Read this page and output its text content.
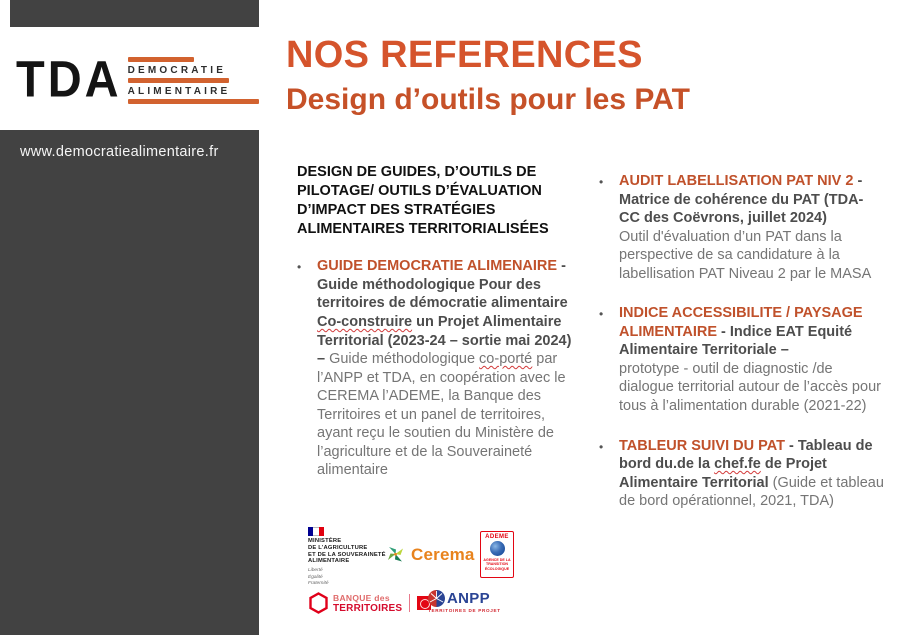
TDA DEMOCRATIE
ALIMENTAIRE
www.democratiealimentaire.fr
NOS REFERENCES
Design d’outils pour les PAT
DESIGN DE GUIDES, D’OUTILS DE PILOTAGE/ OUTILS D’ÉVALUATION D’IMPACT DES STRATÉGIES ALIMENTAIRES TERRITORIALISÉES
•	GUIDE DEMOCRATIE ALIMENAIRE - Guide méthodologique Pour des territoires de démocratie alimentaire Co-construire un Projet Alimentaire Territorial (2023-24 – sortie mai 2024) – Guide méthodologique co-porté par l’ANPP et TDA, en coopération avec le CEREMA l’ADEME, la Banque des Territoires et un panel de territoires, ayant reçu le soutien du Ministère de l’agriculture et de la Souveraineté alimentaire

•	AUDIT LABELLISATION PAT NIV 2 - Matrice de cohérence du PAT (TDA-CC des Coëvrons, juillet 2024)

Outil d'évaluation d’un PAT dans la perspective de sa candidature à la labellisation PAT Niveau 2 par le MASA

•	INDICE ACCESSIBILITE / PAYSAGE ALIMENTAIRE - Indice EAT Equité Alimentaire Territoriale –
prototype - outil de diagnostic /de dialogue territorial autour de l’accès pour tous à l’alimentation durable (2021-22)

•	TABLEUR SUIVI DU PAT - Tableau de bord du.de la chef.fe de Projet Alimentaire Territorial (Guide et tableau de bord opérationnel, 2021, TDA)

MINISTÈRE
DE L’AGRICULTURE
ET DE LA SOUVERAINETÉ
ALIMENTAIRE
Liberté
Égalité
Fraternité
Cerema
ADEME
AGENCE DE LA TRANSITION ÉCOLOGIQUE
BANQUE des
TERRITOIRES
ANPP
TERRITOIRES DE PROJET
